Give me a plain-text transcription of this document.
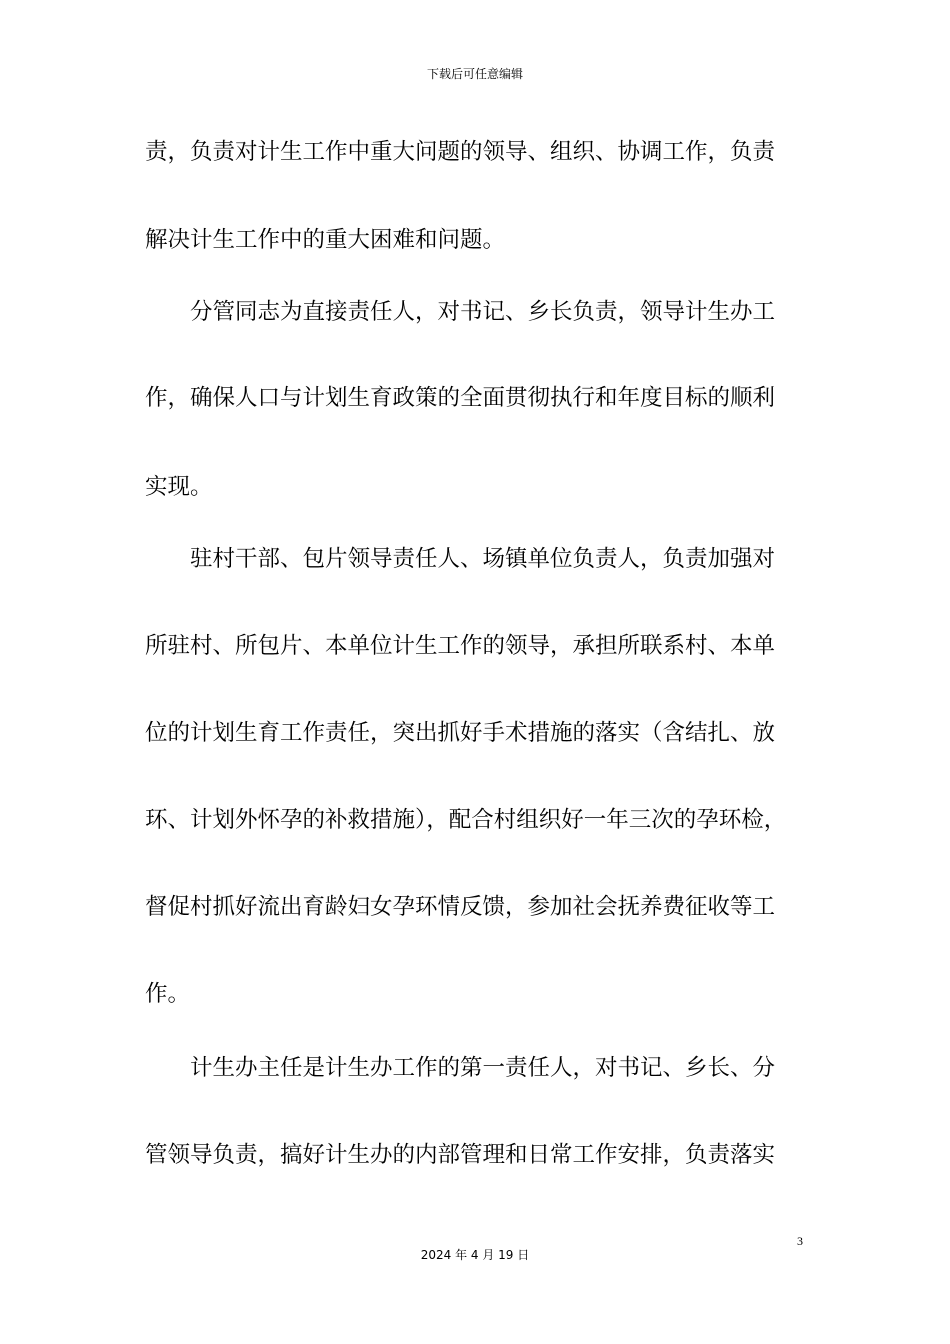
下载后可任意编辑
责，负责对计生工作中重大问题的领导、组织、协调工作，负责
解决计生工作中的重大困难和问题。
　　分管同志为直接责任人，对书记、乡长负责，领导计生办工
作，确保人口与计划生育政策的全面贯彻执行和年度目标的顺利
实现。
　　驻村干部、包片领导责任人、场镇单位负责人，负责加强对
所驻村、所包片、本单位计生工作的领导，承担所联系村、本单
位的计划生育工作责任，突出抓好手术措施的落实（含结扎、放
环、计划外怀孕的补救措施），配合村组织好一年三次的孕环检，
督促村抓好流出育龄妇女孕环情反馈，参加社会抚养费征收等工
作。
　　计生办主任是计生办工作的第一责任人，对书记、乡长、分
管领导负责，搞好计生办的内部管理和日常工作安排，负责落实
3
2024 年 4 月 19 日
